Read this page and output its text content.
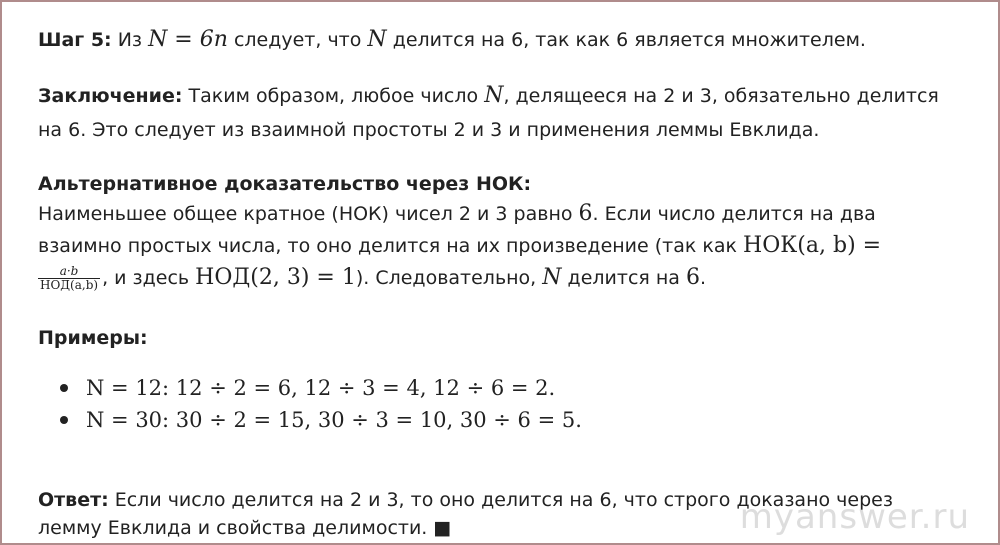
Шаг 5: Из N = 6n следует, что N делится на 6, так как 6 является множителем.
Заключение: Таким образом, любое число N, делящееся на 2 и 3, обязательно делится
на 6. Это следует из взаимной простоты 2 и 3 и применения леммы Евклида.
Альтернативное доказательство через НОК:
Наименьшее общее кратное (НОК) чисел 2 и 3 равно 6. Если число делится на два
взаимно простых числа, то оно делится на их произведение (так как НОК(a, b) =
$\frac{a\cdot b}{\text{НОД(a,b)}}$ , и здесь НОД(2, 3) = 1). Следовательно, N делится на 6.
Примеры:
N = 12: 12 ÷ 2 = 6, 12 ÷ 3 = 4, 12 ÷ 6 = 2.
N = 30: 30 ÷ 2 = 15, 30 ÷ 3 = 10, 30 ÷ 6 = 5.
Ответ: Если число делится на 2 и 3, то оно делится на 6, что строго доказано через
лемму Евклида и свойства делимости. ■	myanswer.ru
